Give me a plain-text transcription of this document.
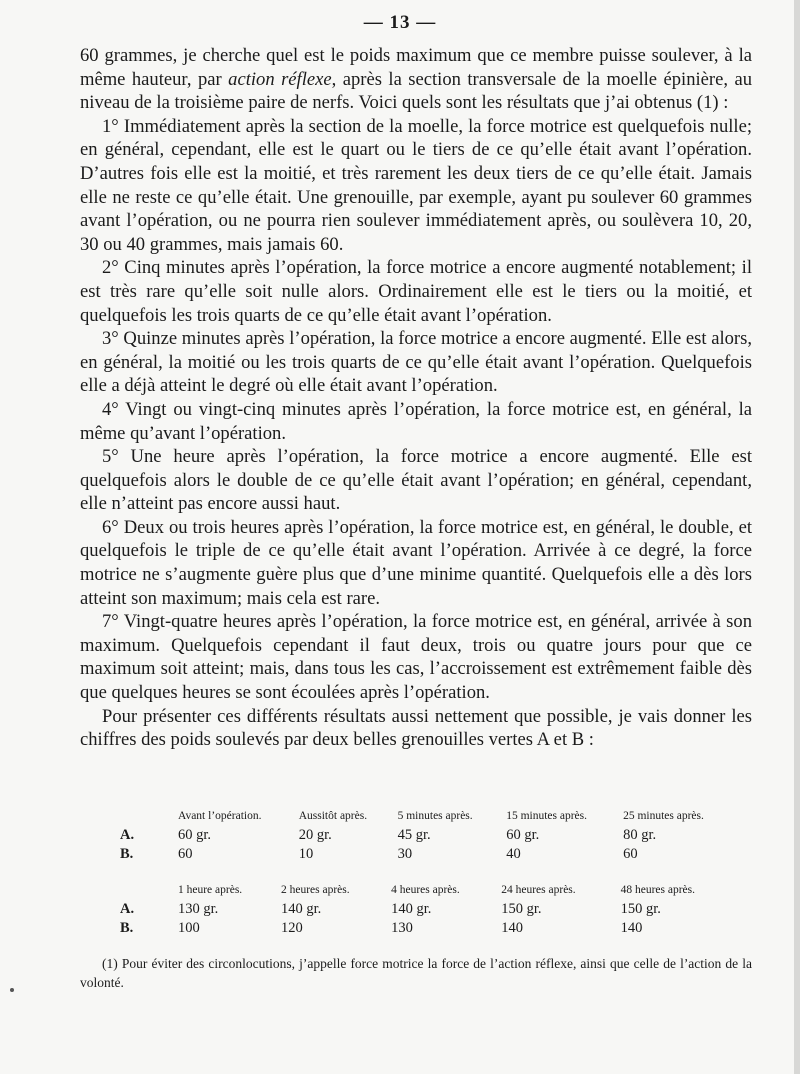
— 13 —

60 grammes, je cherche quel est le poids maximum que ce membre puisse soulever, à la même hauteur, par action réflexe, après la section transversale de la moelle épinière, au niveau de la troisième paire de nerfs. Voici quels sont les résultats que j’ai obtenus (1) :

1° Immédiatement après la section de la moelle, la force motrice est quelquefois nulle; en général, cependant, elle est le quart ou le tiers de ce qu’elle était avant l’opération. D’autres fois elle est la moitié, et très rarement les deux tiers de ce qu’elle était. Jamais elle ne reste ce qu’elle était. Une grenouille, par exemple, ayant pu soulever 60 grammes avant l’opération, ou ne pourra rien soulever immédiatement après, ou soulèvera 10, 20, 30 ou 40 grammes, mais jamais 60.

2° Cinq minutes après l’opération, la force motrice a encore augmenté notablement; il est très rare qu’elle soit nulle alors. Ordinairement elle est le tiers ou la moitié, et quelquefois les trois quarts de ce qu’elle était avant l’opération.

3° Quinze minutes après l’opération, la force motrice a encore augmenté. Elle est alors, en général, la moitié ou les trois quarts de ce qu’elle était avant l’opération. Quelquefois elle a déjà atteint le degré où elle était avant l’opération.

4° Vingt ou vingt-cinq minutes après l’opération, la force motrice est, en général, la même qu’avant l’opération.

5° Une heure après l’opération, la force motrice a encore augmenté. Elle est quelquefois alors le double de ce qu’elle était avant l’opération; en général, cependant, elle n’atteint pas encore aussi haut.

6° Deux ou trois heures après l’opération, la force motrice est, en général, le double, et quelquefois le triple de ce qu’elle était avant l’opération. Arrivée à ce degré, la force motrice ne s’augmente guère plus que d’une minime quantité. Quelquefois elle a dès lors atteint son maximum; mais cela est rare.

7° Vingt-quatre heures après l’opération, la force motrice est, en général, arrivée à son maximum. Quelquefois cependant il faut deux, trois ou quatre jours pour que ce maximum soit atteint; mais, dans tous les cas, l’accroissement est extrêmement faible dès que quelques heures se sont écoulées après l’opération.

Pour présenter ces différents résultats aussi nettement que possible, je vais donner les chiffres des poids soulevés par deux belles grenouilles vertes A et B :

	Avant l’opération.	Aussitôt après.	5 minutes après.	15 minutes après.	25 minutes après.
A.	60 gr.	20 gr.	45 gr.	60 gr.	80 gr.
B.	60	10	30	40	60
	1 heure après.	2 heures après.	4 heures après.	24 heures après.	48 heures après.
A.	130 gr.	140 gr.	140 gr.	150 gr.	150 gr.
B.	100	120	130	140	140
(1) Pour éviter des circonlocutions, j’appelle force motrice la force de l’action réflexe, ainsi que celle de l’action de la volonté.
